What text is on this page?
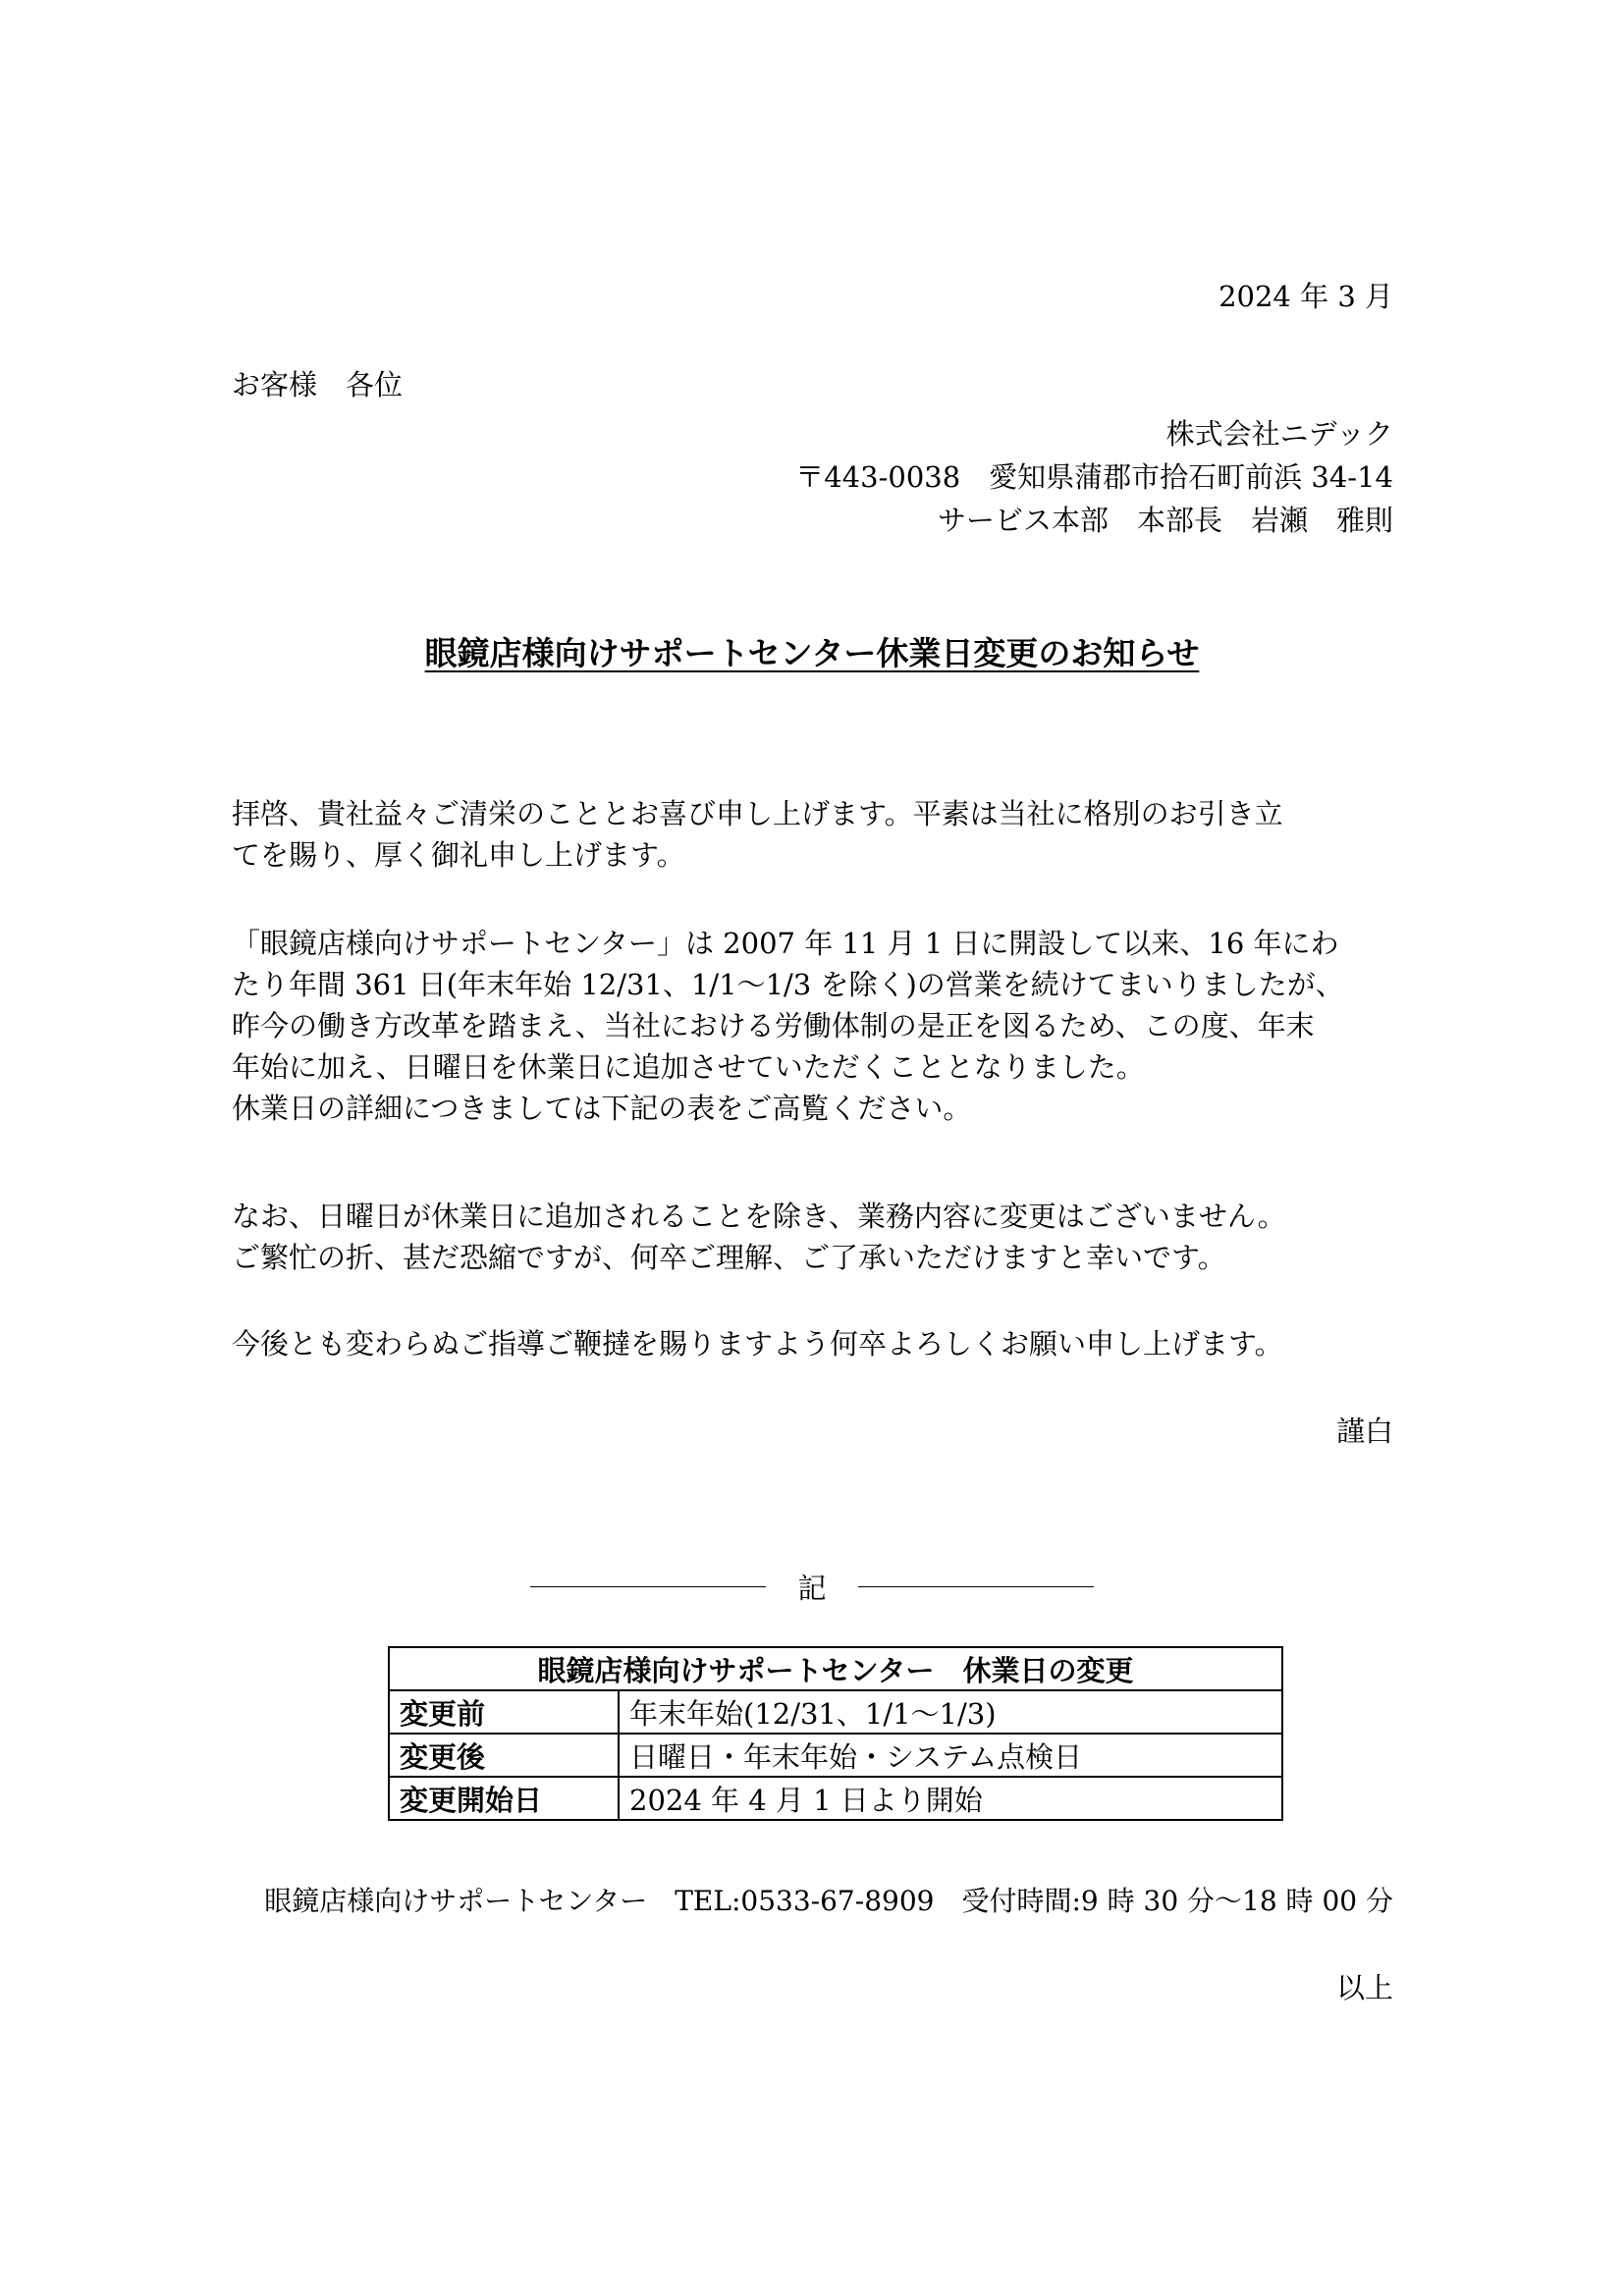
2024 年 3 月
お客様　各位
株式会社ニデック
〒443-0038　愛知県蒲郡市拾石町前浜 34-14
サービス本部　本部長　岩瀬　雅則
眼鏡店様向けサポートセンター休業日変更のお知らせ
拝啓、貴社益々ご清栄のこととお喜び申し上げます。平素は当社に格別のお引き立
てを賜り、厚く御礼申し上げます。
「眼鏡店様向けサポートセンター」は 2007 年 11 月 1 日に開設して以来、16 年にわ
たり年間 361 日(年末年始 12/31、1/1～1/3 を除く)の営業を続けてまいりましたが、
昨今の働き方改革を踏まえ、当社における労働体制の是正を図るため、この度、年末
年始に加え、日曜日を休業日に追加させていただくこととなりました。
休業日の詳細につきましては下記の表をご高覧ください。
なお、日曜日が休業日に追加されることを除き、業務内容に変更はございません。
ご繁忙の折、甚だ恐縮ですが、何卒ご理解、ご了承いただけますと幸いです。
今後とも変わらぬご指導ご鞭撻を賜りますよう何卒よろしくお願い申し上げます。
謹白
記
眼鏡店様向けサポートセンター　休業日の変更	
変更前	年末年始(12/31、1/1～1/3)
変更後	日曜日・年末年始・システム点検日
変更開始日	2024 年 4 月 1 日より開始
眼鏡店様向けサポートセンター　TEL:0533-67-8909　受付時間:9 時 30 分～18 時 00 分
以上
